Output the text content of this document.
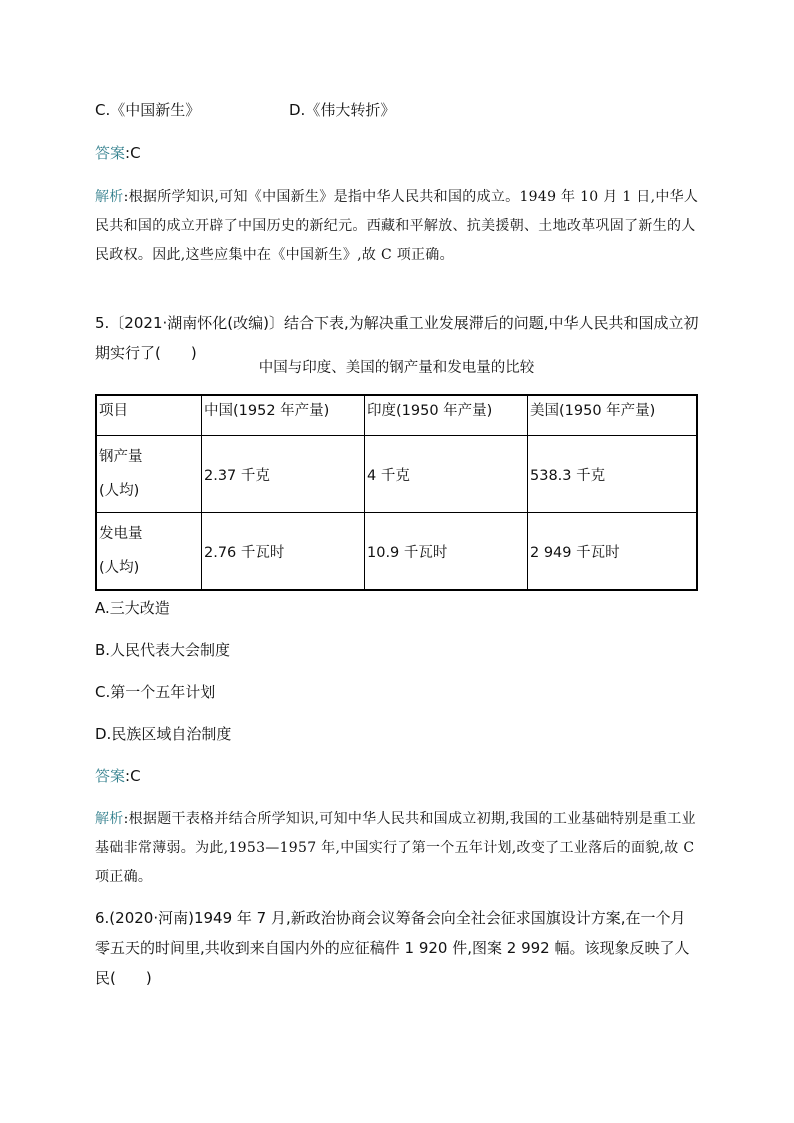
C.《中国新生》	D.《伟大转折》
答案:C
解析:根据所学知识,可知《中国新生》是指中华人民共和国的成立。1949 年 10 月 1 日,中华人民共和国的成立开辟了中国历史的新纪元。西藏和平解放、抗美援朝、土地改革巩固了新生的人民政权。因此,这些应集中在《中国新生》,故 C 项正确。
5.〔2021·湖南怀化(改编)〕结合下表,为解决重工业发展滞后的问题,中华人民共和国成立初期实行了(　　)
中国与印度、美国的钢产量和发电量的比较
项目	中国(1952 年产量)	印度(1950 年产量)	美国(1950 年产量)

钢产量
(人均)	2.37 千克	4 千克	538.3 千克

发电量
(人均)	2.76 千瓦时	10.9 千瓦时	2 949 千瓦时
A.三大改造
B.人民代表大会制度
C.第一个五年计划
D.民族区域自治制度
答案:C
解析:根据题干表格并结合所学知识,可知中华人民共和国成立初期,我国的工业基础特别是重工业基础非常薄弱。为此,1953—1957 年,中国实行了第一个五年计划,改变了工业落后的面貌,故 C 项正确。
6.(2020·河南)1949 年 7 月,新政治协商会议筹备会向全社会征求国旗设计方案,在一个月零五天的时间里,共收到来自国内外的应征稿件 1 920 件,图案 2 992 幅。该现象反映了人民(　　)
